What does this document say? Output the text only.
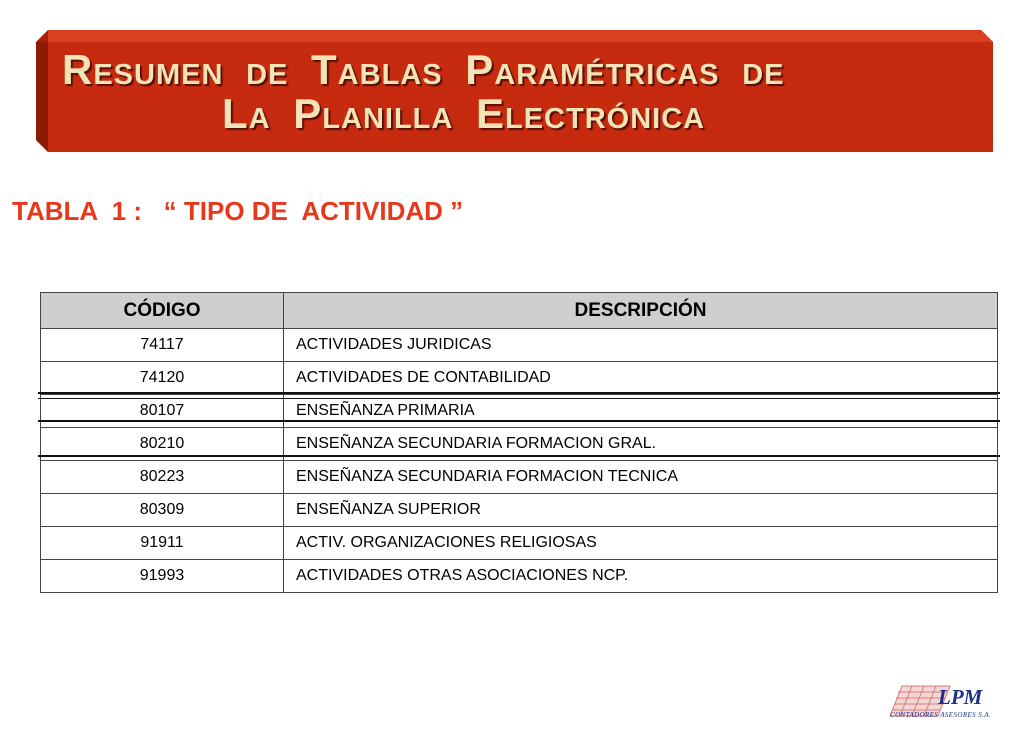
Resumen de Tablas Paramétricas de
La Planilla Electrónica
TABLA  1 :   “ TIPO DE  ACTIVIDAD ”
CÓDIGO	DESCRIPCIÓN
74117	ACTIVIDADES JURIDICAS
74120	ACTIVIDADES DE CONTABILIDAD
80107	ENSEÑANZA PRIMARIA
80210	ENSEÑANZA SECUNDARIA FORMACION GRAL.
80223	ENSEÑANZA SECUNDARIA FORMACION TECNICA
80309	ENSEÑANZA SUPERIOR
91911	ACTIV. ORGANIZACIONES RELIGIOSAS
91993	ACTIVIDADES OTRAS ASOCIACIONES NCP.
LPM
CONTADORES ASESORES S.A.
